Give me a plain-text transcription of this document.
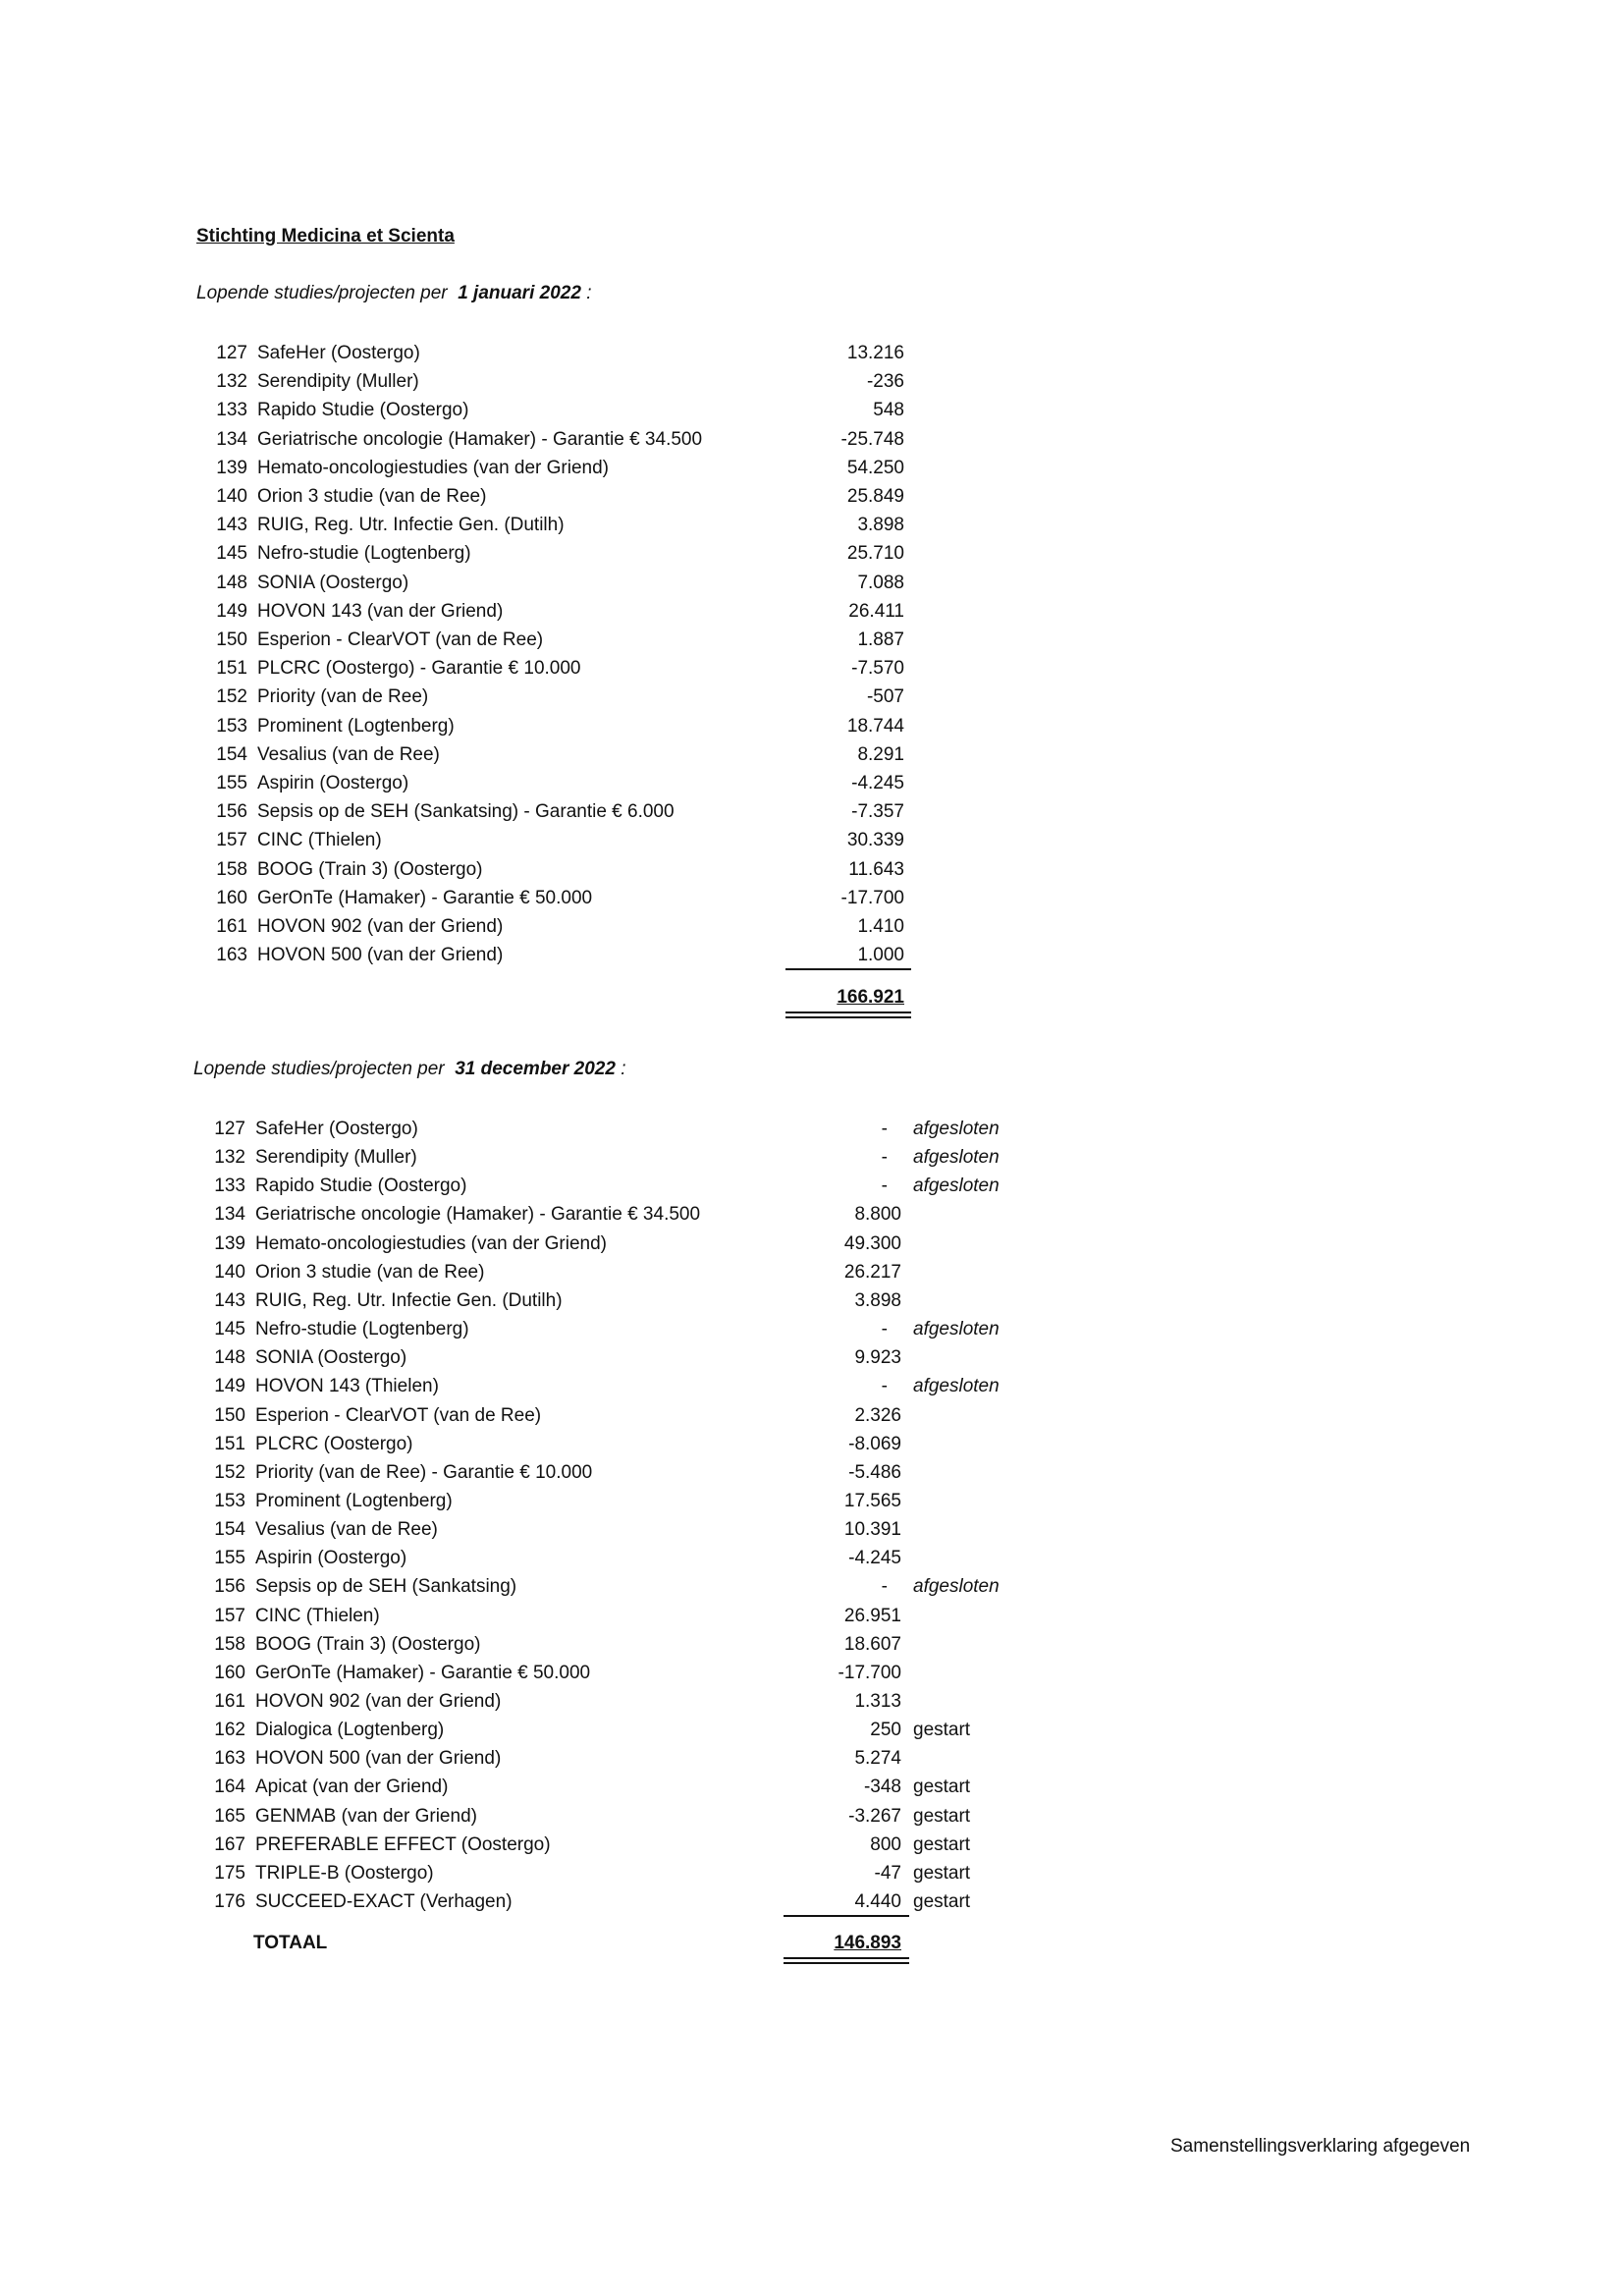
Stichting Medicina et Scienta
Lopende studies/projecten per 1 januari 2022 :
127 SafeHer (Oostergo)	13.216
132 Serendipity (Muller)	-236
133 Rapido Studie (Oostergo)	548
134 Geriatrische oncologie (Hamaker) - Garantie € 34.500	-25.748
139 Hemato-oncologiestudies (van der Griend)	54.250
140 Orion 3 studie (van de Ree)	25.849
143 RUIG, Reg. Utr. Infectie Gen. (Dutilh)	3.898
145 Nefro-studie (Logtenberg)	25.710
148 SONIA (Oostergo)	7.088
149 HOVON 143 (van der Griend)	26.411
150 Esperion - ClearVOT (van de Ree)	1.887
151 PLCRC (Oostergo) - Garantie € 10.000	-7.570
152 Priority (van de Ree)	-507
153 Prominent (Logtenberg)	18.744
154 Vesalius (van de Ree)	8.291
155 Aspirin (Oostergo)	-4.245
156 Sepsis op de SEH (Sankatsing) - Garantie € 6.000	-7.357
157 CINC (Thielen)	30.339
158 BOOG (Train 3) (Oostergo)	11.643
160 GerOnTe (Hamaker) - Garantie € 50.000	-17.700
161 HOVON 902 (van der Griend)	1.410
163 HOVON 500 (van der Griend)	1.000
166.921
Lopende studies/projecten per 31 december 2022 :
127 SafeHer (Oostergo)	-	afgesloten
132 Serendipity (Muller)	-	afgesloten
133 Rapido Studie (Oostergo)	-	afgesloten
134 Geriatrische oncologie (Hamaker) - Garantie € 34.500	8.800
139 Hemato-oncologiestudies (van der Griend)	49.300
140 Orion 3 studie (van de Ree)	26.217
143 RUIG, Reg. Utr. Infectie Gen. (Dutilh)	3.898
145 Nefro-studie (Logtenberg)	-	afgesloten
148 SONIA (Oostergo)	9.923
149 HOVON 143 (Thielen)	-	afgesloten
150 Esperion - ClearVOT (van de Ree)	2.326
151 PLCRC (Oostergo)	-8.069
152 Priority (van de Ree) - Garantie € 10.000	-5.486
153 Prominent (Logtenberg)	17.565
154 Vesalius (van de Ree)	10.391
155 Aspirin (Oostergo)	-4.245
156 Sepsis op de SEH (Sankatsing)	-	afgesloten
157 CINC (Thielen)	26.951
158 BOOG (Train 3) (Oostergo)	18.607
160 GerOnTe (Hamaker) - Garantie € 50.000	-17.700
161 HOVON 902 (van der Griend)	1.313
162 Dialogica (Logtenberg)	250 gestart
163 HOVON 500 (van der Griend)	5.274
164 Apicat (van der Griend)	-348 gestart
165 GENMAB (van der Griend)	-3.267 gestart
167 PREFERABLE EFFECT (Oostergo)	800 gestart
175 TRIPLE-B (Oostergo)	-47 gestart
176 SUCCEED-EXACT (Verhagen)	4.440 gestart
TOTAAL	146.893
Samenstellingsverklaring afgegeven
